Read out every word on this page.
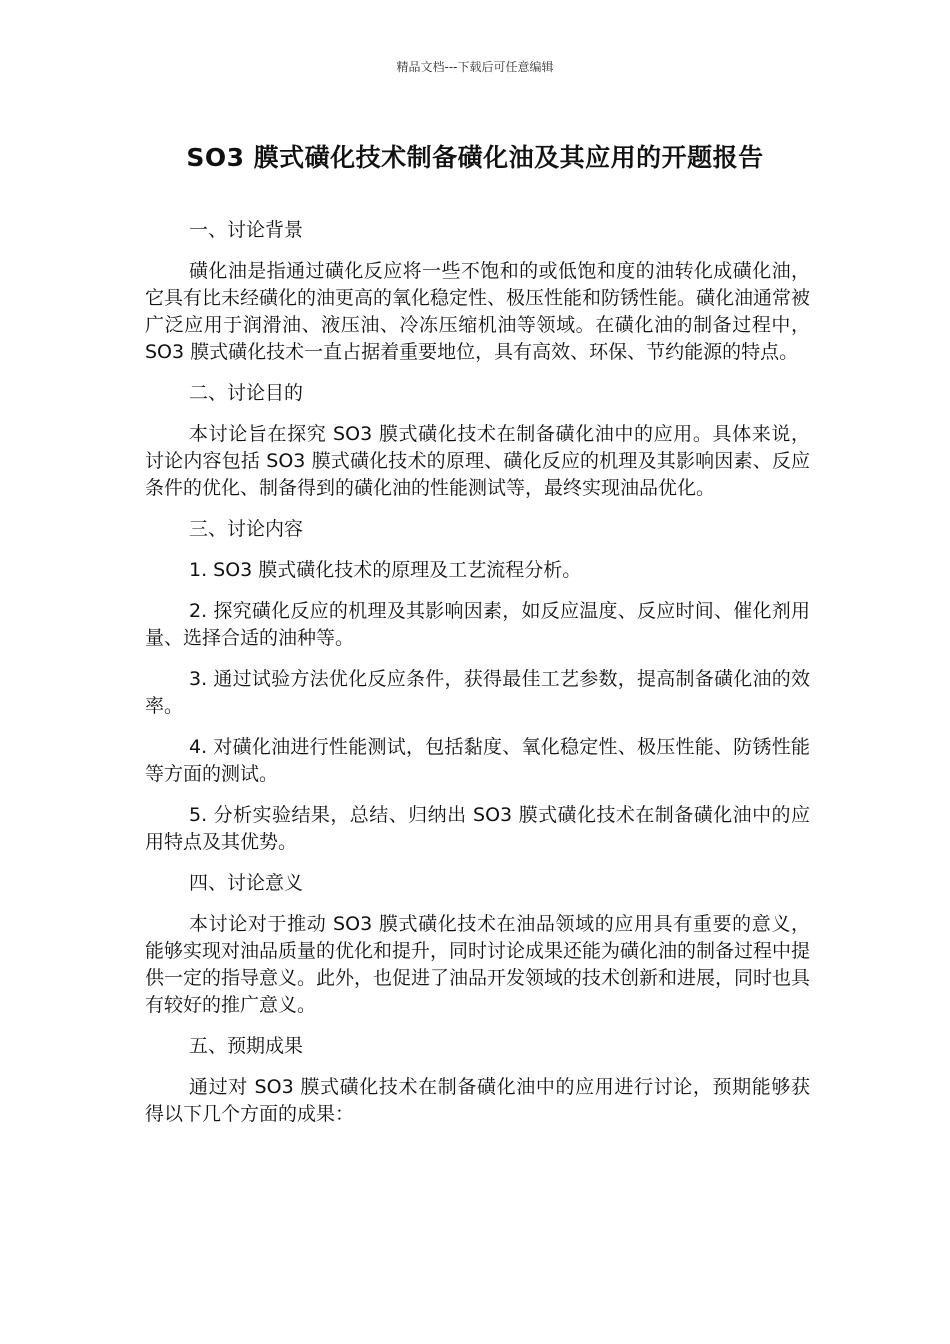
精品文档---下载后可任意编辑
SO3 膜式磺化技术制备磺化油及其应用的开题报告

一、讨论背景

磺化油是指通过磺化反应将一些不饱和的或低饱和度的油转化成磺化油，它具有比未经磺化的油更高的氧化稳定性、极压性能和防锈性能。磺化油通常被广泛应用于润滑油、液压油、冷冻压缩机油等领域。在磺化油的制备过程中，SO3 膜式磺化技术一直占据着重要地位，具有高效、环保、节约能源的特点。

二、讨论目的

本讨论旨在探究 SO3 膜式磺化技术在制备磺化油中的应用。具体来说，讨论内容包括 SO3 膜式磺化技术的原理、磺化反应的机理及其影响因素、反应条件的优化、制备得到的磺化油的性能测试等，最终实现油品优化。

三、讨论内容

1. SO3 膜式磺化技术的原理及工艺流程分析。

2. 探究磺化反应的机理及其影响因素，如反应温度、反应时间、催化剂用量、选择合适的油种等。

3. 通过试验方法优化反应条件，获得最佳工艺参数，提高制备磺化油的效率。

4. 对磺化油进行性能测试，包括黏度、氧化稳定性、极压性能、防锈性能等方面的测试。

5. 分析实验结果，总结、归纳出 SO3 膜式磺化技术在制备磺化油中的应用特点及其优势。

四、讨论意义

本讨论对于推动 SO3 膜式磺化技术在油品领域的应用具有重要的意义，能够实现对油品质量的优化和提升，同时讨论成果还能为磺化油的制备过程中提供一定的指导意义。此外，也促进了油品开发领域的技术创新和进展，同时也具有较好的推广意义。

五、预期成果

通过对 SO3 膜式磺化技术在制备磺化油中的应用进行讨论，预期能够获得以下几个方面的成果：
